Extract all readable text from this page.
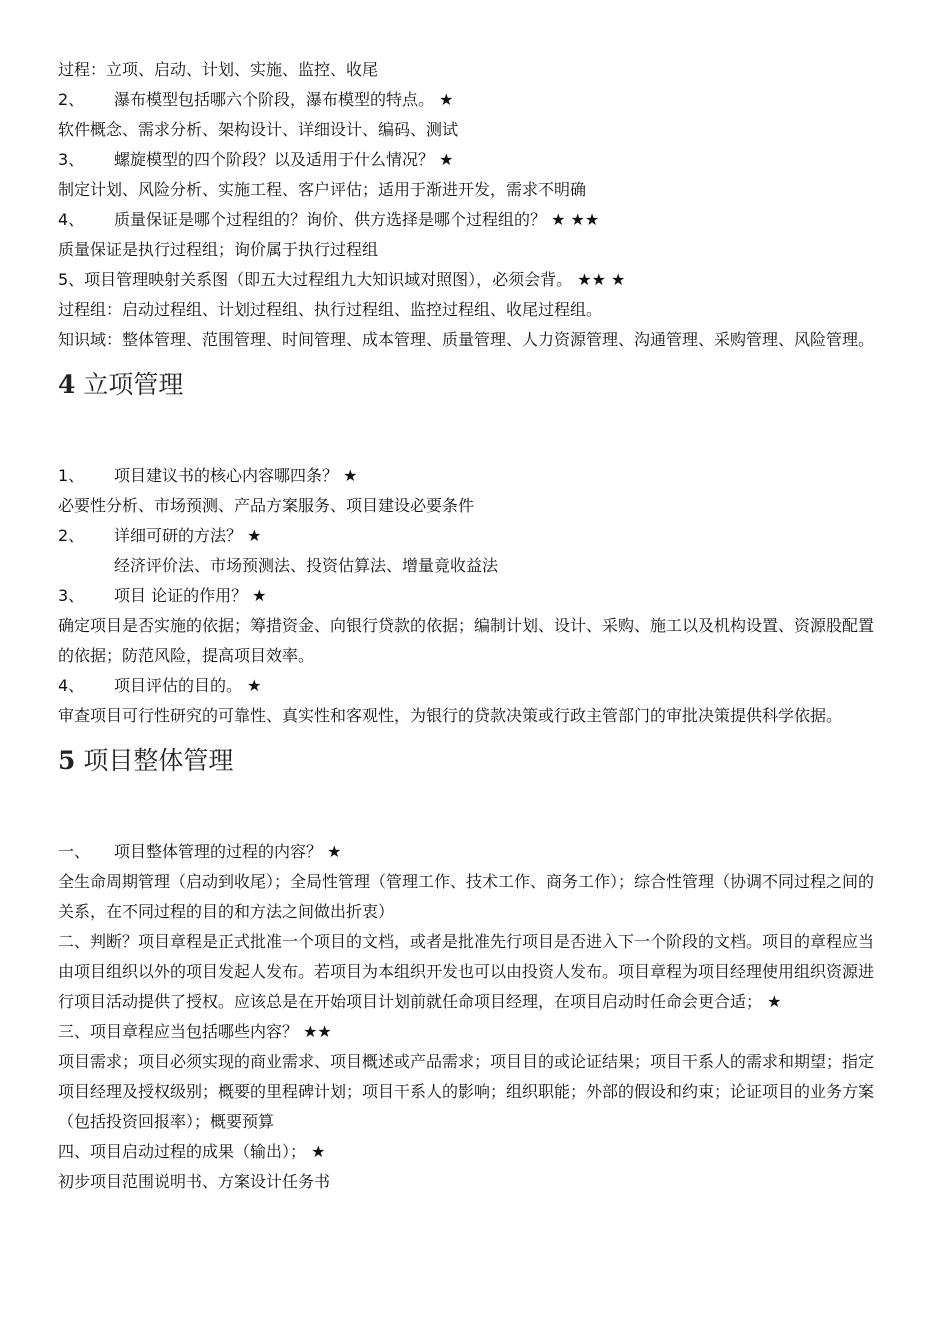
过程：立项、启动、计划、实施、监控、收尾
2、 瀑布模型包括哪六个阶段，瀑布模型的特点。 ★
软件概念、需求分析、架构设计、详细设计、编码、测试
3、 螺旋模型的四个阶段？以及适用于什么情况？ ★
制定计划、风险分析、实施工程、客户评估；适用于渐进开发，需求不明确
4、 质量保证是哪个过程组的？询价、供方选择是哪个过程组的？ ★ ★★
质量保证是执行过程组；询价属于执行过程组
5、项目管理映射关系图（即五大过程组九大知识域对照图），必须会背。 ★★ ★
过程组：启动过程组、计划过程组、执行过程组、监控过程组、收尾过程组。
知识域：整体管理、范围管理、时间管理、成本管理、质量管理、人力资源管理、沟通管理、采购管理、风险管理。
4 立项管理
1、 项目建议书的核心内容哪四条？ ★
必要性分析、市场预测、产品方案服务、项目建设必要条件
2、 详细可研的方法？ ★
经济评价法、市场预测法、投资估算法、增量竟收益法
3、 项目 论证的作用？ ★
确定项目是否实施的依据；筹措资金、向银行贷款的依据；编制计划、设计、采购、施工以及机构设置、资源股配置的依据；防范风险，提高项目效率。
4、 项目评估的目的。 ★
审查项目可行性研究的可靠性、真实性和客观性，为银行的贷款决策或行政主管部门的审批决策提供科学依据。
5 项目整体管理
一、 项目整体管理的过程的内容？ ★
全生命周期管理（启动到收尾）；全局性管理（管理工作、技术工作、商务工作）；综合性管理（协调不同过程之间的关系，在不同过程的目的和方法之间做出折衷）
二、判断？项目章程是正式批准一个项目的文档，或者是批准先行项目是否进入下一个阶段的文档。项目的章程应当由项目组织以外的项目发起人发布。若项目为本组织开发也可以由投资人发布。项目章程为项目经理使用组织资源进行项目活动提供了授权。应该总是在开始项目计划前就任命项目经理，在项目启动时任命会更合适； ★
三、项目章程应当包括哪些内容？ ★★
项目需求；项目必须实现的商业需求、项目概述或产品需求；项目目的或论证结果；项目干系人的需求和期望；指定项目经理及授权级别；概要的里程碑计划；项目干系人的影响；组织职能；外部的假设和约束；论证项目的业务方案（包括投资回报率）；概要预算
四、项目启动过程的成果（输出）； ★
初步项目范围说明书、方案设计任务书
